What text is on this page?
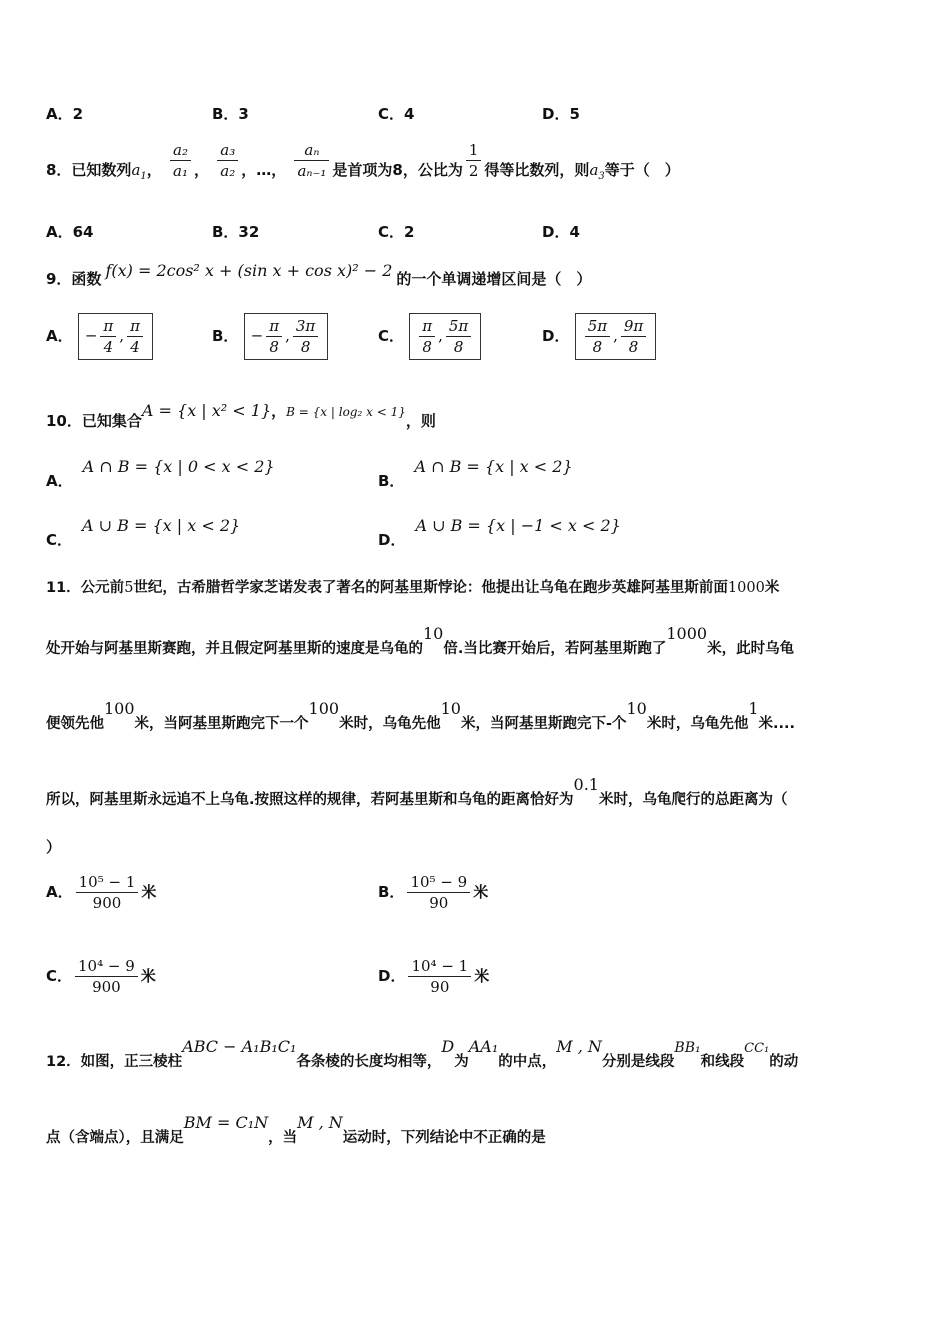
A．2	B．3	C．4	D．5
8．已知数列$a_1$， $\frac{\text{a₂}}{\text{a₁}}$ ， $\frac{\text{a₃}}{\text{a₂}}$ ，…， $\frac{\text{aₙ}}{\text{aₙ₋₁}}$ 是首项为8，公比为 $\frac{1}{2}$ 得等比数列，则$a_3$等于（　）
A．64	B．32	C．2	D．4
9．函数 f(x) = 2cos² x + (sin x + cos x)² − 2 的一个单调递增区间是（　）
A． − $\frac{\pi}{4}$ , $\frac{\pi}{4}$	B． − $\frac{\pi}{8}$ , $\frac{3\pi}{8}$	C． $\frac{\pi}{8}$ , $\frac{5\pi}{8}$	D． $\frac{5\pi}{8}$ , $\frac{9\pi}{8}$
10．已知集合A = {x | x² < 1}，B = {x | log₂ x < 1}，则
A．A ∩ B = {x | 0 < x < 2}
B．A ∩ B = {x | x < 2}
C．A ∪ B = {x | x < 2}
D．A ∪ B = {x | −1 < x < 2}
11．公元前5世纪，古希腊哲学家芝诺发表了著名的阿基里斯悖论：他提出让乌龟在跑步英雄阿基里斯前面1000米
处开始与阿基里斯赛跑，并且假定阿基里斯的速度是乌龟的10倍.当比赛开始后，若阿基里斯跑了1000米，此时乌龟
便领先他100米，当阿基里斯跑完下一个100米时，乌龟先他10米，当阿基里斯跑完下-个10米时，乌龟先他1米....
所以，阿基里斯永远追不上乌龟.按照这样的规律，若阿基里斯和乌龟的距离恰好为0.1米时，乌龟爬行的总距离为（
）
A． $\frac{\text{10⁵ − 1}}{900}$ 米	B． $\frac{\text{10⁵ − 9}}{90}$ 米
C． $\frac{\text{10⁴ − 9}}{900}$ 米	D． $\frac{\text{10⁴ − 1}}{90}$ 米
12．如图，正三棱柱ABC − A₁B₁C₁各条棱的长度均相等，D为AA₁的中点，M , N分别是线段BB₁和线段CC₁的动
点（含端点），且满足BM = C₁N，当M , N运动时，下列结论中不正确的是
